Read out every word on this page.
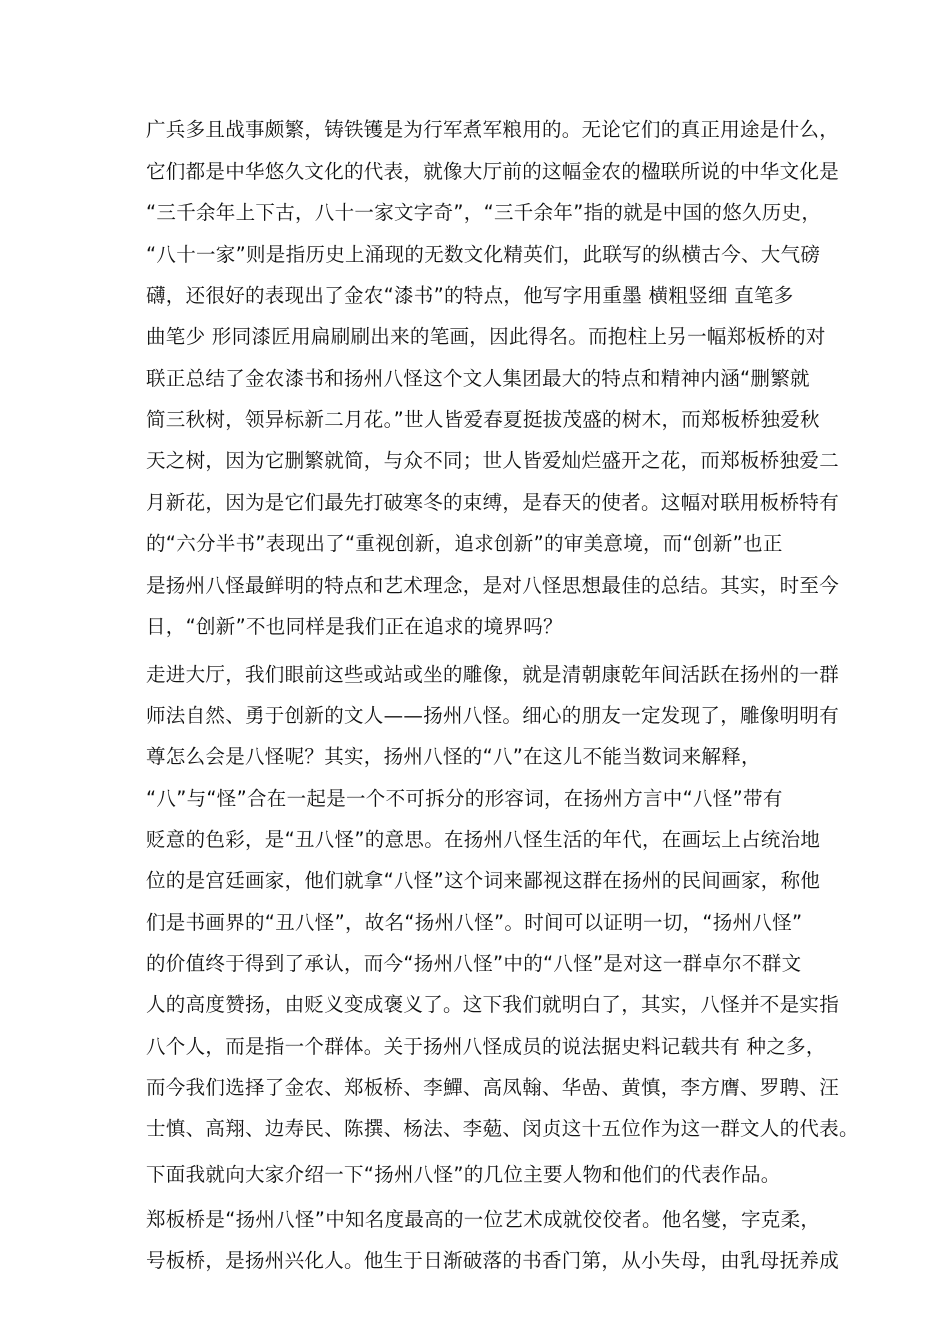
广兵多且战事颇繁，铸铁镬是为行军煮军粮用的。无论它们的真正用途是什么，
它们都是中华悠久文化的代表，就像大厅前的这幅金农的楹联所说的中华文化是
“三千余年上下古，八十一家文字奇”，“三千余年”指的就是中国的悠久历史，
“八十一家”则是指历史上涌现的无数文化精英们，此联写的纵横古今、大气磅
礴，还很好的表现出了金农“漆书”的特点，他写字用重墨 横粗竖细 直笔多
曲笔少 形同漆匠用扁刷刷出来的笔画，因此得名。而抱柱上另一幅郑板桥的对
联正总结了金农漆书和扬州八怪这个文人集团最大的特点和精神内涵“删繁就
简三秋树，领异标新二月花。”世人皆爱春夏挺拔茂盛的树木，而郑板桥独爱秋
天之树，因为它删繁就简，与众不同；世人皆爱灿烂盛开之花，而郑板桥独爱二
月新花，因为是它们最先打破寒冬的束缚，是春天的使者。这幅对联用板桥特有
的“六分半书”表现出了“重视创新，追求创新”的审美意境，而“创新”也正
是扬州八怪最鲜明的特点和艺术理念，是对八怪思想最佳的总结。其实，时至今
日，“创新”不也同样是我们正在追求的境界吗？
走进大厅，我们眼前这些或站或坐的雕像，就是清朝康乾年间活跃在扬州的一群
师法自然、勇于创新的文人——扬州八怪。细心的朋友一定发现了，雕像明明有
尊怎么会是八怪呢？其实，扬州八怪的“八”在这儿不能当数词来解释，
“八”与“怪”合在一起是一个不可拆分的形容词，在扬州方言中“八怪”带有
贬意的色彩，是“丑八怪”的意思。在扬州八怪生活的年代，在画坛上占统治地
位的是宫廷画家，他们就拿“八怪”这个词来鄙视这群在扬州的民间画家，称他
们是书画界的“丑八怪”，故名“扬州八怪”。时间可以证明一切，“扬州八怪”
的价值终于得到了承认，而今“扬州八怪”中的“八怪”是对这一群卓尔不群文
人的高度赞扬，由贬义变成褒义了。这下我们就明白了，其实，八怪并不是实指
八个人，而是指一个群体。关于扬州八怪成员的说法据史料记载共有 种之多，
而今我们选择了金农、郑板桥、李鱓、高凤翰、华嵒、黄慎，李方膺、罗聘、汪
士慎、高翔、边寿民、陈撰、杨法、李葂、闵贞这十五位作为这一群文人的代表。
下面我就向大家介绍一下“扬州八怪”的几位主要人物和他们的代表作品。
郑板桥是“扬州八怪”中知名度最高的一位艺术成就佼佼者。他名燮，字克柔，
号板桥，是扬州兴化人。他生于日渐破落的书香门第，从小失母，由乳母抚养成
